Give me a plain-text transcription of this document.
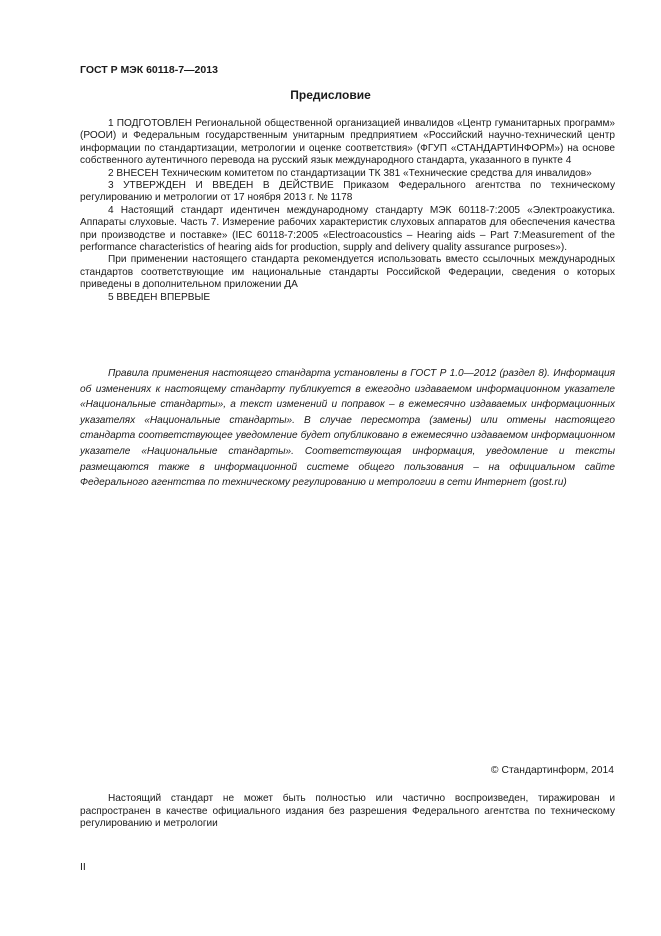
ГОСТ Р МЭК 60118-7—2013
Предисловие

1 ПОДГОТОВЛЕН Региональной общественной организацией инвалидов «Центр гуманитарных программ» (РООИ) и Федеральным государственным унитарным предприятием «Российский научно-технический центр информации по стандартизации, метрологии и оценке соответствия» (ФГУП «СТАНДАРТИНФОРМ») на основе собственного аутентичного перевода на русский язык международного стандарта, указанного в пункте 4

2 ВНЕСЕН Техническим комитетом по стандартизации ТК 381 «Технические средства для инвалидов»

3 УТВЕРЖДЕН И ВВЕДЕН В ДЕЙСТВИЕ Приказом Федерального агентства по техническому регулированию и метрологии от 17 ноября 2013 г. № 1178

4 Настоящий стандарт идентичен международному стандарту МЭК 60118-7:2005 «Электроакустика. Аппараты слуховые. Часть 7. Измерение рабочих характеристик слуховых аппаратов для обеспечения качества при производстве и поставке» (IEC 60118-7:2005 «Electroacoustics – Hearing aids – Part 7:Measurement of the performance characteristics of hearing aids for production, supply and delivery quality assurance purposes»).

При применении настоящего стандарта рекомендуется использовать вместо ссылочных международных стандартов соответствующие им национальные стандарты Российской Федерации, сведения о которых приведены в дополнительном приложении ДА

5 ВВЕДЕН ВПЕРВЫЕ

Правила применения настоящего стандарта установлены в ГОСТ Р 1.0—2012 (раздел 8). Информация об изменениях к настоящему стандарту публикуется в ежегодно издаваемом информационном указателе «Национальные стандарты», а текст изменений и поправок – в ежемесячно издаваемых информационных указателях «Национальные стандарты». В случае пересмотра (замены) или отмены настоящего стандарта соответствующее уведомление будет опубликовано в ежемесячно издаваемом информационном указателе «Национальные стандарты». Соответствующая информация, уведомление и тексты размещаются также в информационной системе общего пользования – на официальном сайте Федерального агентства по техническому регулированию и метрологии в сети Интернет (gost.ru)

© Стандартинформ, 2014

Настоящий стандарт не может быть полностью или частично воспроизведен, тиражирован и распространен в качестве официального издания без разрешения Федерального агентства по техническому регулированию и метрологии

II
